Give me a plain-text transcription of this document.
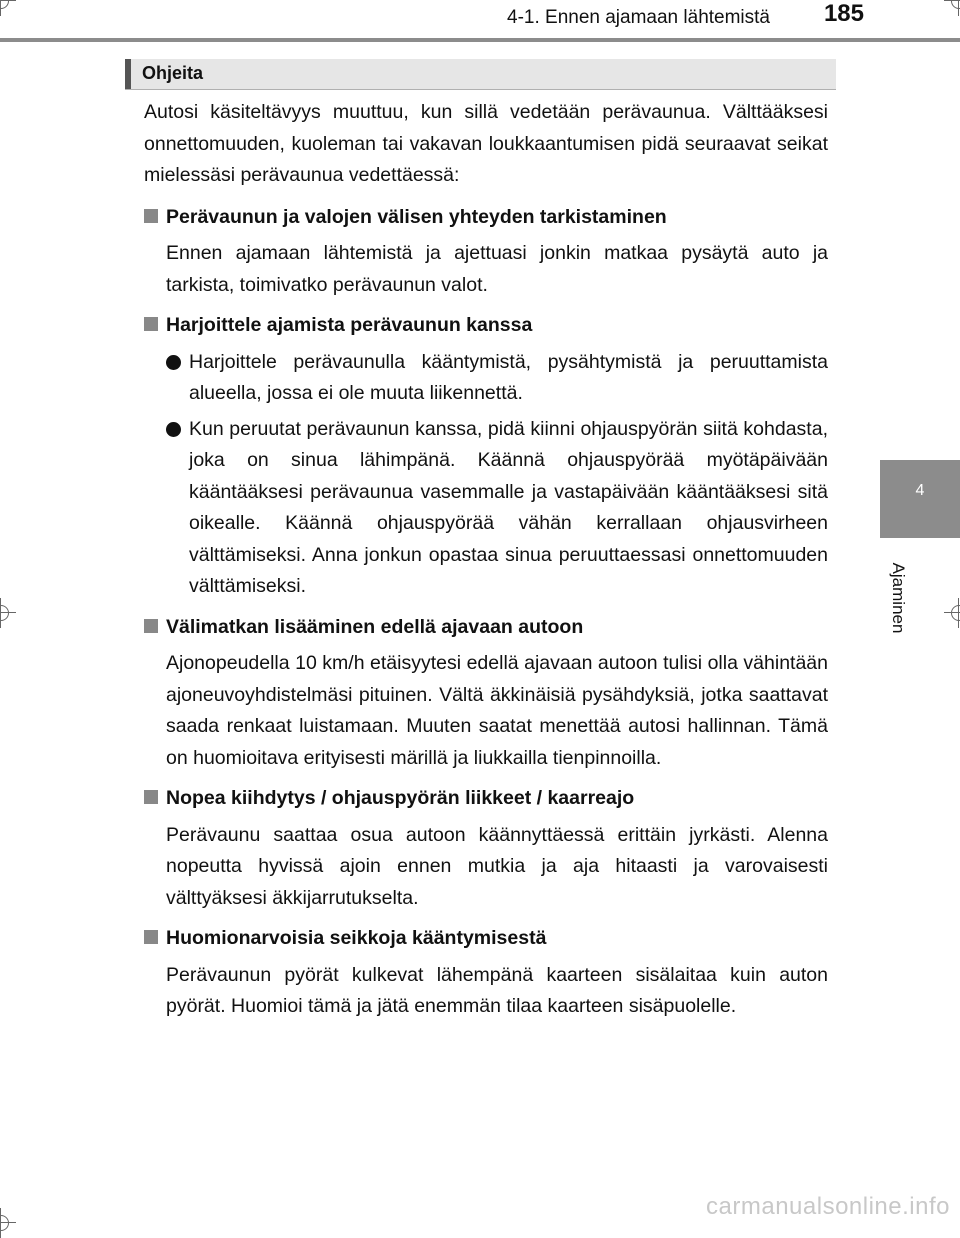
4-1. Ennen ajamaan lähtemistä 185
4
Ajaminen
Ohjeita

Autosi käsiteltävyys muuttuu, kun sillä vedetään perävaunua. Välttääksesi onnettomuuden, kuoleman tai vakavan loukkaantumisen pidä seuraavat seikat mielessäsi perävaunua vedettäessä:

Perävaunun ja valojen välisen yhteyden tarkistaminen

Ennen ajamaan lähtemistä ja ajettuasi jonkin matkaa pysäytä auto ja tarkista, toimivatko perävaunun valot.

Harjoittele ajamista perävaunun kanssa
Harjoittele perävaunulla kääntymistä, pysähtymistä ja peruuttamista alueella, jossa ei ole muuta liikennettä.
Kun peruutat perävaunun kanssa, pidä kiinni ohjauspyörän siitä kohdasta, joka on sinua lähimpänä. Käännä ohjauspyörää myötäpäivään kääntääksesi perävaunua vasemmalle ja vastapäivään kääntääksesi sitä oikealle. Käännä ohjauspyörää vähän kerrallaan ohjausvirheen välttämiseksi. Anna jonkun opastaa sinua peruuttaessasi onnettomuuden välttämiseksi.
Välimatkan lisääminen edellä ajavaan autoon

Ajonopeudella 10 km/h etäisyytesi edellä ajavaan autoon tulisi olla vähintään ajoneuvoyhdistelmäsi pituinen. Vältä äkkinäisiä pysähdyksiä, jotka saattavat saada renkaat luistamaan. Muuten saatat menettää autosi hallinnan. Tämä on huomioitava erityisesti märillä ja liukkailla tienpinnoilla.

Nopea kiihdytys / ohjauspyörän liikkeet / kaarreajo

Perävaunu saattaa osua autoon käännyttäessä erittäin jyrkästi. Alenna nopeutta hyvissä ajoin ennen mutkia ja aja hitaasti ja varovaisesti välttyäksesi äkkijarrutukselta.

Huomionarvoisia seikkoja kääntymisestä

Perävaunun pyörät kulkevat lähempänä kaarteen sisälaitaa kuin auton pyörät. Huomioi tämä ja jätä enemmän tilaa kaarteen sisäpuolelle.

carmanualsonline.info
